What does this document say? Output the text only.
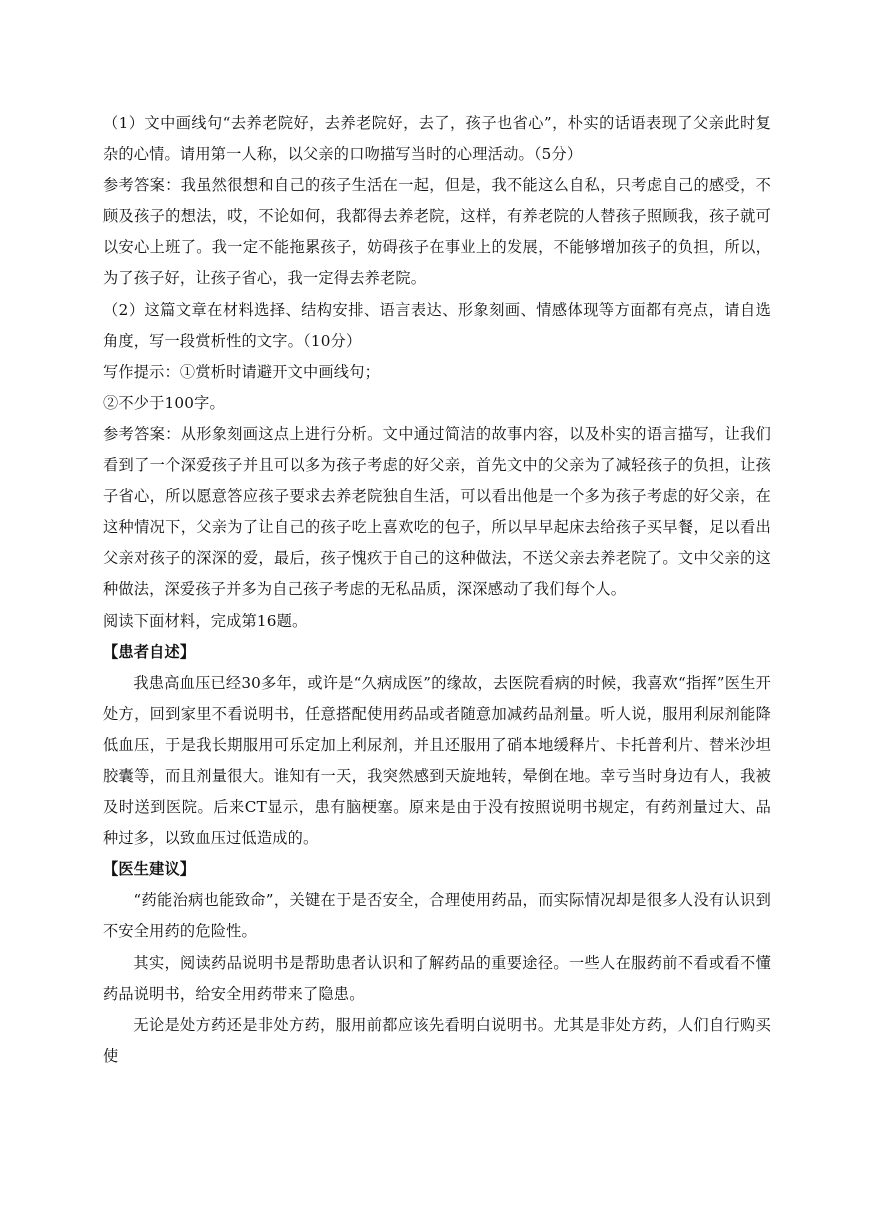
（1）文中画线句“去养老院好，去养老院好，去了，孩子也省心”，朴实的话语表现了父亲此时复杂的心情。请用第一人称，以父亲的口吻描写当时的心理活动。（5分）

参考答案：我虽然很想和自己的孩子生活在一起，但是，我不能这么自私，只考虑自己的感受，不顾及孩子的想法，哎，不论如何，我都得去养老院，这样，有养老院的人替孩子照顾我，孩子就可以安心上班了。我一定不能拖累孩子，妨碍孩子在事业上的发展，不能够增加孩子的负担，所以，为了孩子好，让孩子省心，我一定得去养老院。

（2）这篇文章在材料选择、结构安排、语言表达、形象刻画、情感体现等方面都有亮点，请自选角度，写一段赏析性的文字。（10分）

写作提示：①赏析时请避开文中画线句；

②不少于100字。

参考答案：从形象刻画这点上进行分析。文中通过简洁的故事内容，以及朴实的语言描写，让我们看到了一个深爱孩子并且可以多为孩子考虑的好父亲，首先文中的父亲为了减轻孩子的负担，让孩子省心，所以愿意答应孩子要求去养老院独自生活，可以看出他是一个多为孩子考虑的好父亲，在这种情况下，父亲为了让自己的孩子吃上喜欢吃的包子，所以早早起床去给孩子买早餐，足以看出父亲对孩子的深深的爱，最后，孩子愧疚于自己的这种做法，不送父亲去养老院了。文中父亲的这种做法，深爱孩子并多为自己孩子考虑的无私品质，深深感动了我们每个人。

阅读下面材料，完成第16题。

【患者自述】

我患高血压已经30多年，或许是“久病成医”的缘故，去医院看病的时候，我喜欢“指挥”医生开处方，回到家里不看说明书，任意搭配使用药品或者随意加减药品剂量。听人说，服用利尿剂能降低血压，于是我长期服用可乐定加上利尿剂，并且还服用了硝本地缓释片、卡托普利片、替米沙坦胶囊等，而且剂量很大。谁知有一天，我突然感到天旋地转，晕倒在地。幸亏当时身边有人，我被及时送到医院。后来CT显示，患有脑梗塞。原来是由于没有按照说明书规定，有药剂量过大、品种过多，以致血压过低造成的。

【医生建议】

“药能治病也能致命”，关键在于是否安全，合理使用药品，而实际情况却是很多人没有认识到不安全用药的危险性。

其实，阅读药品说明书是帮助患者认识和了解药品的重要途径。一些人在服药前不看或看不懂药品说明书，给安全用药带来了隐患。

无论是处方药还是非处方药，服用前都应该先看明白说明书。尤其是非处方药，人们自行购买使
